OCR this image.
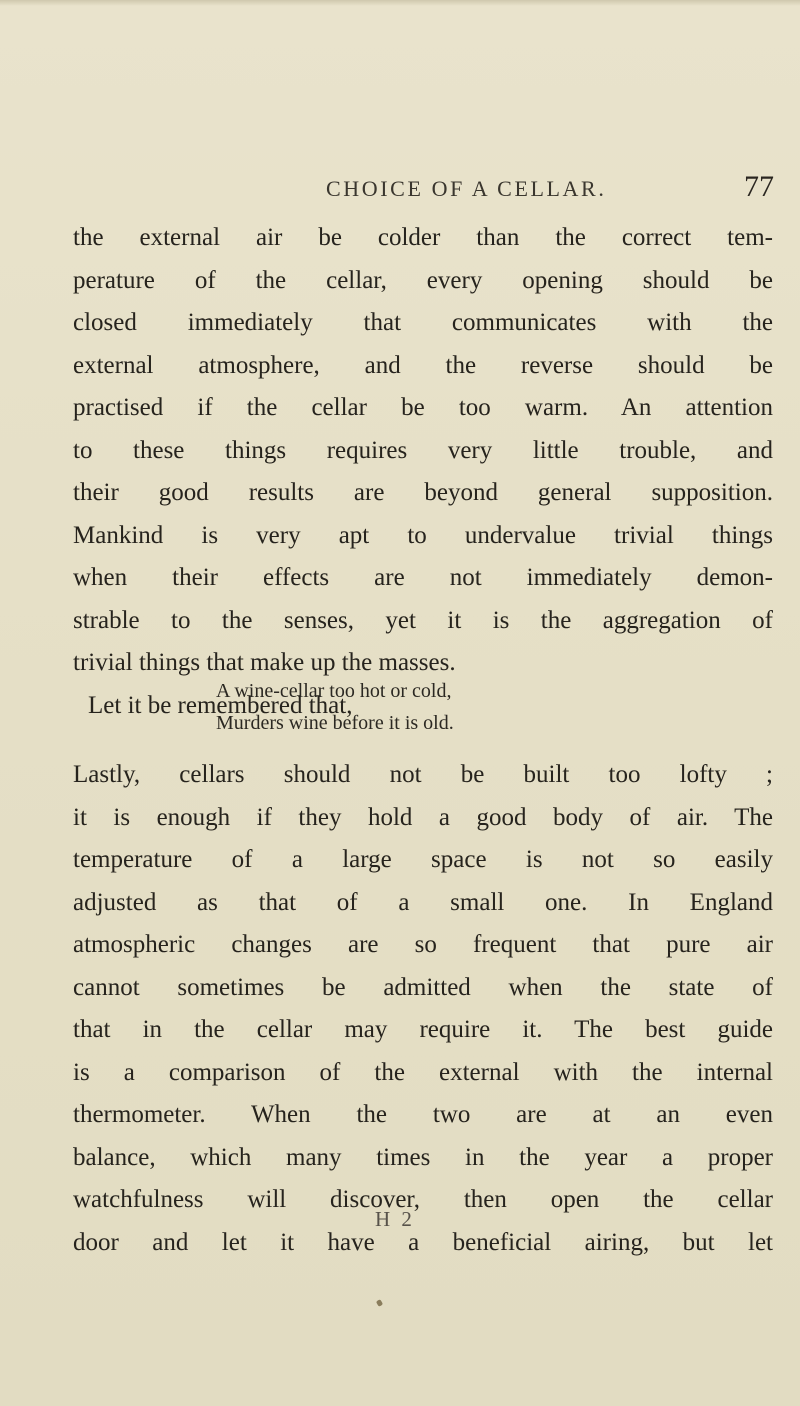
CHOICE OF A CELLAR.	77
the external air be colder than the correct tem-
perature of the cellar, every opening should be
closed immediately that communicates with the
external atmosphere, and the reverse should be
practised if the cellar be too warm. An attention
to these things requires very little trouble, and
their good results are beyond general supposition.
Mankind is very apt to undervalue trivial things
when their effects are not immediately demon-
strable to the senses, yet it is the aggregation of
trivial things that make up the masses.
Let it be remembered that,
A wine-cellar too hot or cold,
Murders wine before it is old.
Lastly, cellars should not be built too lofty ;
it is enough if they hold a good body of air. The
temperature of a large space is not so easily
adjusted as that of a small one. In England
atmospheric changes are so frequent that pure air
cannot sometimes be admitted when the state of
that in the cellar may require it. The best guide
is a comparison of the external with the internal
thermometer. When the two are at an even
balance, which many times in the year a proper
watchfulness will discover, then open the cellar
door and let it have a beneficial airing, but let
H 2
